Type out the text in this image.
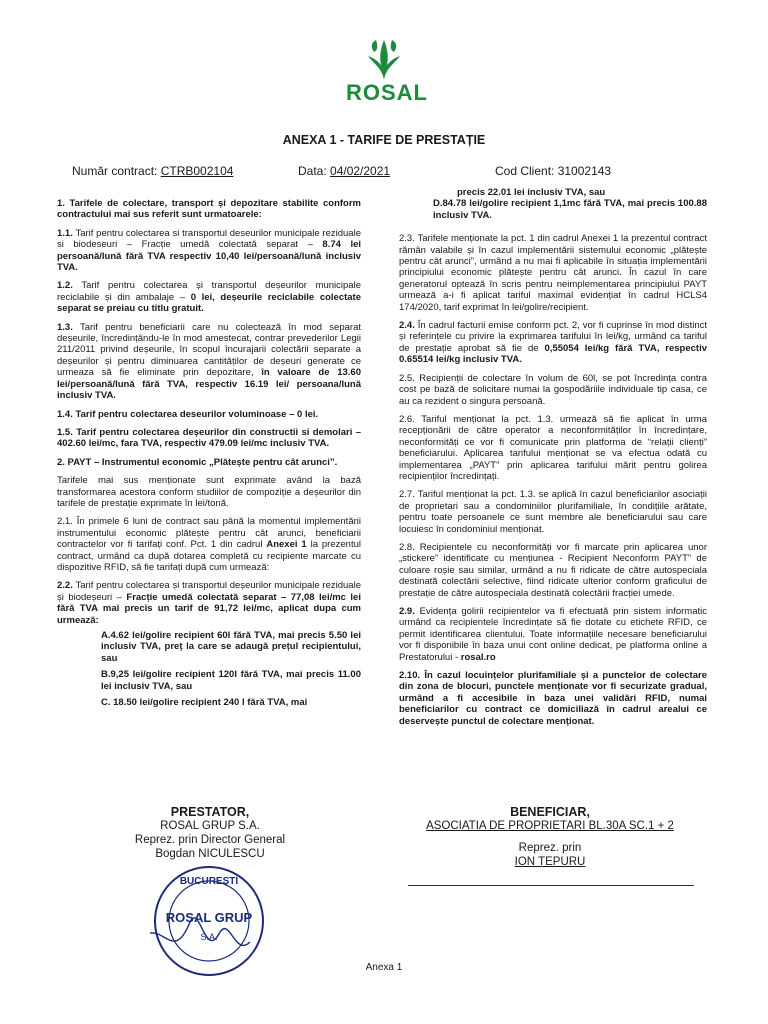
ROSAL
ANEXA 1 - TARIFE DE PRESTAȚIE
Număr contract: CTRB002104	Data: 04/02/2021	Cod Client: 31002143

1. Tarifele de colectare, transport și depozitare stabilite conform contractului mai sus referit sunt urmatoarele:

1.1. Tarif pentru colectarea si transportul deseurilor municipale reziduale si biodeseuri – Fracție umedă colectată separat – 8.74 lei persoană/lună fără TVA respectiv 10,40 lei/persoană/lună inclusiv TVA.

1.2. Tarif pentru colectarea și transportul deșeurilor municipale reciclabile și din ambalaje – 0 lei, deșeurile reciclabile colectate separat se preiau cu titlu gratuit.

1.3. Tarif pentru beneficiarii care nu colectează în mod separat deșeurile, încredințându-le în mod amestecat, contrar prevederilor Legii 211/2011 privind deșeurile, în scopul încurajarii colectării separate a deșeurilor și pentru diminuarea cantităților de deșeuri generate ce urmeaza să fie eliminate prin depozitare, în valoare de 13.60 lei/persoană/lună fără TVA, respectiv 16.19 lei/ persoana/lună inclusiv TVA.

1.4. Tarif pentru colectarea deseurilor voluminoase – 0 lei.

1.5. Tarif pentru colectarea deșeurilor din constructii si demolari – 402.60 lei/mc, fara TVA, respectiv 479.09 lei/mc inclusiv TVA.

2. PAYT – Instrumentul economic „Plătește pentru cât arunci”.

Tarifele mai sus menționate sunt exprimate având la bază transformarea acestora conform studiilor de compoziție a deșeurilor din tarifele de prestație exprimate în lei/tonă.

2.1. În primele 6 luni de contract sau până la momentul implementării instrumentului economic plătește pentru cât arunci, beneficiarii contractelor vor fi tarifați conf. Pct. 1 din cadrul Anexei 1 la prezentul contract, urmând ca după dotarea completă cu recipiente marcate cu dispozitive RFID, să fie tarifați după cum urmează:

2.2. Tarif pentru colectarea și transportul deșeurilor municipale reziduale și biodeșeuri – Fracție umedă colectată separat – 77,08 lei/mc lei fără TVA mai precis un tarif de 91,72 lei/mc, aplicat dupa cum urmează:

A.4.62 lei/golire recipient 60l fără TVA, mai precis 5.50 lei inclusiv TVA, preț la care se adaugă prețul recipientului, sau

B.9,25 lei/golire recipient 120l fără TVA, mai precis 11.00 lei inclusiv TVA, sau

C. 18.50 lei/golire recipient 240 l fără TVA, mai

precis 22.01 lei inclusiv TVA, sau

D.84.78 lei/golire recipient 1,1mc fără TVA, mai precis 100.88 inclusiv TVA.

2.3. Tarifele menționate la pct. 1 din cadrul Anexei 1 la prezentul contract rămân valabile și în cazul implementării sistemului economic „plătește pentru cât arunci”, urmând a nu mai fi aplicabile în situația implementării principiului economic plătește pentru cât arunci. În cazul în care generatorul optează în scris pentru neimplementarea principiului PAYT urmează a-i fi aplicat tariful maximal evidențiat în cadrul HCLS4 174/2020, tarif exprimat în lei/golire/recipient.

2.4. În cadrul facturii emise conform pct. 2, vor fi cuprinse în mod distinct și referințele cu privire la exprimarea tarifului în lei/kg, urmând ca tariful de prestație aprobat să fie de 0,55054 lei/kg fără TVA, respectiv 0.65514 lei/kg inclusiv TVA.

2.5. Recipienții de colectare în volum de 60l, se pot încredința contra cost pe bază de solicitare numai la gospodăriile individuale tip casa, ce au ca rezident o singura persoană.

2.6. Tariful menționat la pct. 1.3. urmează să fie aplicat în urma recepționării de către operator a neconformităților în încredințare, neconformități ce vor fi comunicate prin platforma de “relații clienți” beneficiarului. Aplicarea tarifului menționat se va efectua odată cu implementarea „PAYT” prin aplicarea tarifului mărit pentru golirea recipienților încredințați.

2.7. Tariful menționat la pct. 1.3. se aplică în cazul beneficiarilor asociații de proprietari sau a condominiilor plurifamiliale, în condițiile arătate, pentru toate persoanele ce sunt membre ale beneficiarului sau care locuiesc în condominiul menționat.

2.8. Recipientele cu neconformități vor fi marcate prin aplicarea unor „stickere” identificate cu mențiunea - Recipient Neconform PAYT” de culoare roșie sau similar, urmând a nu fi ridicate de către autospeciala destinată colectării selective, fiind ridicate ulterior conform graficului de prestație de către autospeciala destinată colectării fracției umede.

2.9. Evidența golirii recipientelor va fi efectuată prin sistem informatic urmând ca recipientele încredințate să fie dotate cu etichete RFID, ce permit identificarea clientului. Toate informațiile necesare beneficiarului vor fi disponibile în baza unui cont online dedicat, pe platforma online a Prestatorului - rosal.ro

2.10. În cazul locuințelor plurifamiliale și a punctelor de colectare din zona de blocuri, punctele menționate vor fi securizate gradual, urmând a fi accesibile în baza unei validări RFID, numai beneficiarilor cu contract ce domiciliază în cadrul arealui ce deservește punctul de colectare menționat.

PRESTATOR,
ROSAL GRUP S.A.
Reprez. prin Director General
Bogdan NICULESCU
BUCUREȘTI
ROSAL GRUP
S.A.
BENEFICIAR,
ASOCIATIA DE PROPRIETARI BL.30A SC.1 + 2
Reprez. prin
ION TEPURU
Anexa 1
